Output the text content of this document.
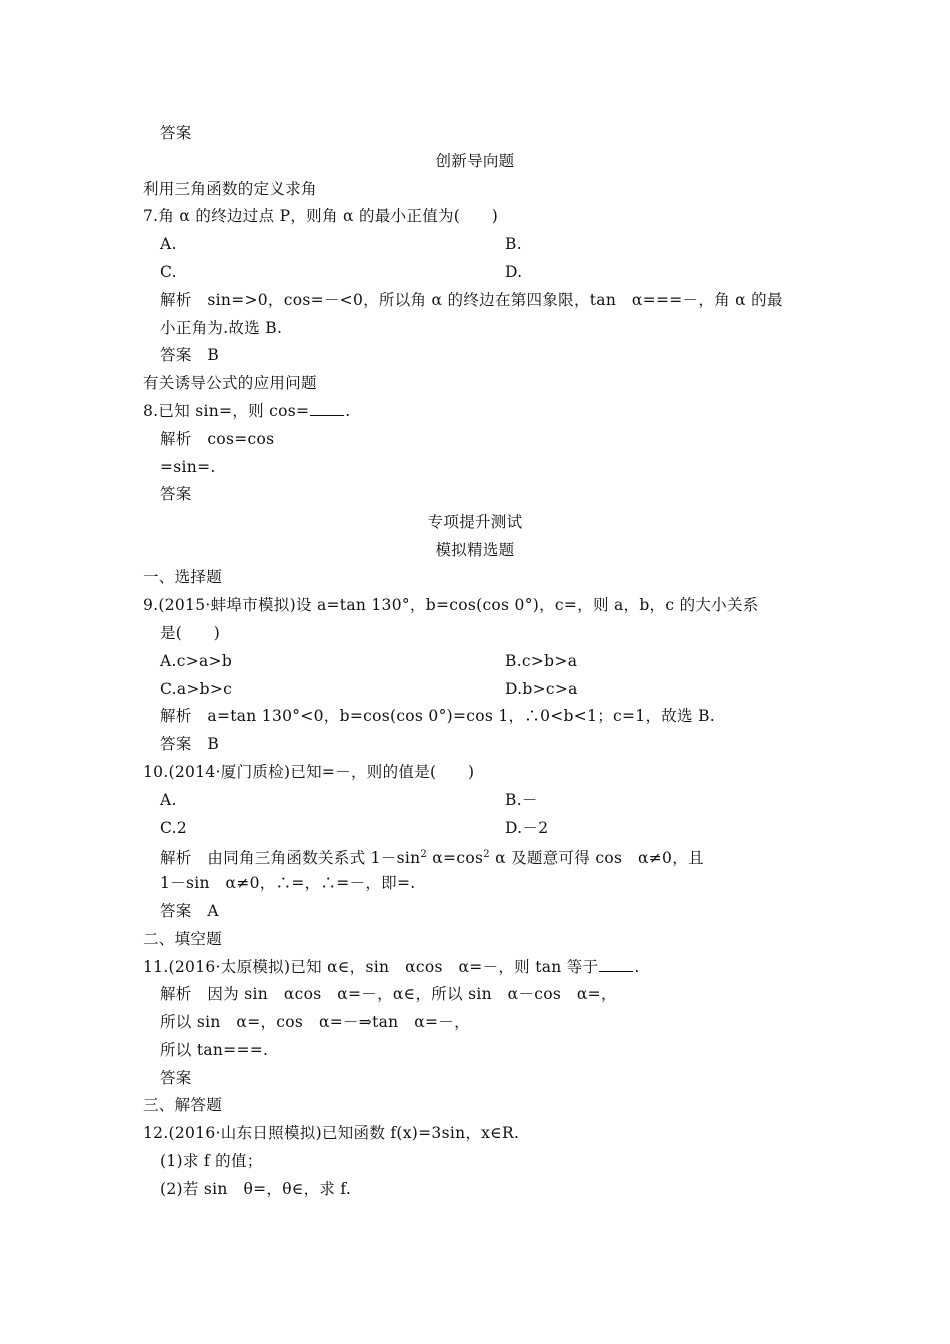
答案
创新导向题
利用三角函数的定义求角
7.角 α 的终边过点 P，则角 α 的最小正值为(　　)
A.	B.
C.	D.
解析　sin=>0，cos=－<0，所以角 α 的终边在第四象限，tan　α===－，角 α 的最
小正角为.故选 B.
答案　B
有关诱导公式的应用问题
8.已知 sin=，则 cos= .
解析　cos=cos
=sin=.
答案
专项提升测试
模拟精选题
一、选择题
9.(2015·蚌埠市模拟)设 a=tan 130°，b=cos(cos 0°)，c=，则 a，b，c 的大小关系
是(　　)
A.c>a>b	B.c>b>a
C.a>b>c	D.b>c>a
解析　a=tan 130°<0，b=cos(cos 0°)=cos 1，∴0<b<1；c=1，故选 B.
答案　B
10.(2014·厦门质检)已知=－，则的值是(　　)
A.	B.－
C.2	D.－2
解析　由同角三角函数关系式 $1-\sin^2$ $\alpha=\cos^2$ α 及题意可得 cos　α≠0，且
1－sin　α≠0，∴=，∴=－，即=.
答案　A
二、填空题
11.(2016·太原模拟)已知 α∈，sin　αcos　α=－，则 tan 等于 .
解析　因为 sin　αcos　α=－，α∈，所以 sin　α－cos　α=，
所以 sin　α=，cos　α=－⇒tan　α=－，
所以 tan===.
答案
三、解答题
12.(2016·山东日照模拟)已知函数 f(x)=3sin，x∈R.
(1)求 f 的值；
(2)若 sin　θ=，θ∈，求 f.
